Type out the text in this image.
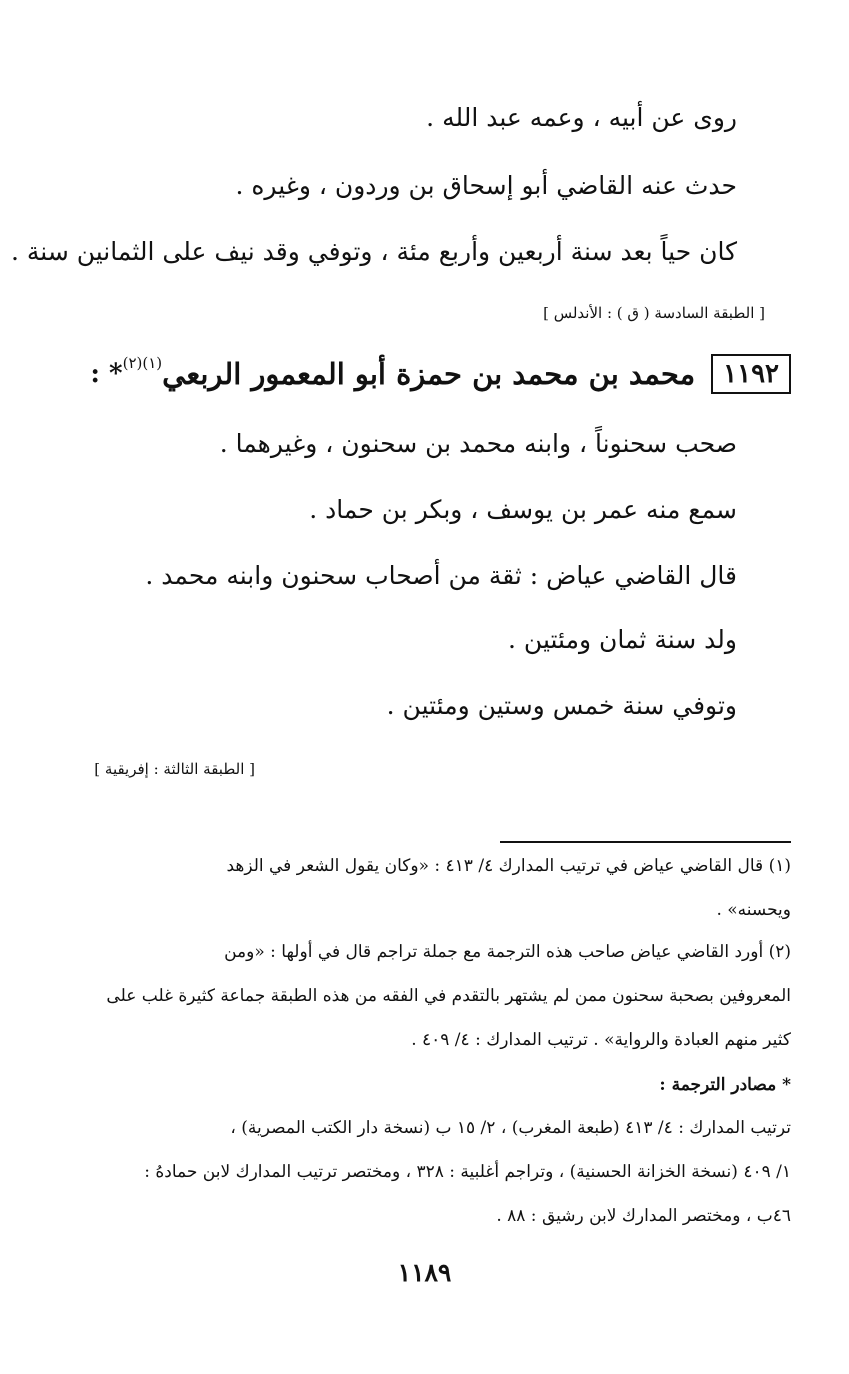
روى عن أبيه ، وعمه عبد الله .
حدث عنه القاضي أبو إسحاق بن وردون ، وغيره .
كان حياً بعد سنة أربعين وأربع مئة ، وتوفي وقد نيف على الثمانين سنة .
[ الطبقة السادسة ( ق ) : الأندلس ]
١١٩٢محمد بن محمد بن حمزة أبو المعمور الربعي$^{(١)(٢)}$* :
صحب سحنوناً ، وابنه محمد بن سحنون ، وغيرهما .
سمع منه عمر بن يوسف ، وبكر بن حماد .
قال القاضي عياض : ثقة من أصحاب سحنون وابنه محمد .
ولد سنة ثمان ومئتين .
وتوفي سنة خمس وستين ومئتين .
[ الطبقة الثالثة : إفريقية ]
(١) قال القاضي عياض في ترتيب المدارك ٤/ ٤١٣ : «وكان يقول الشعر في الزهد
ويحسنه» .
(٢) أورد القاضي عياض صاحب هذه الترجمة مع جملة تراجم قال في أولها : «ومن
المعروفين بصحبة سحنون ممن لم يشتهر بالتقدم في الفقه من هذه الطبقة جماعة كثيرة غلب على
كثير منهم العبادة والرواية» . ترتيب المدارك : ٤/ ٤٠٩ .
* مصادر الترجمة :
ترتيب المدارك : ٤/ ٤١٣ (طبعة المغرب) ، ٢/ ١٥ ب (نسخة دار الكتب المصرية) ،
١/ ٤٠٩ (نسخة الخزانة الحسنية) ، وتراجم أغلبية : ٣٢٨ ، ومختصر ترتيب المدارك لابن حمادهُ :
٤٦ب ، ومختصر المدارك لابن رشيق : ٨٨ .
١١٨٩
